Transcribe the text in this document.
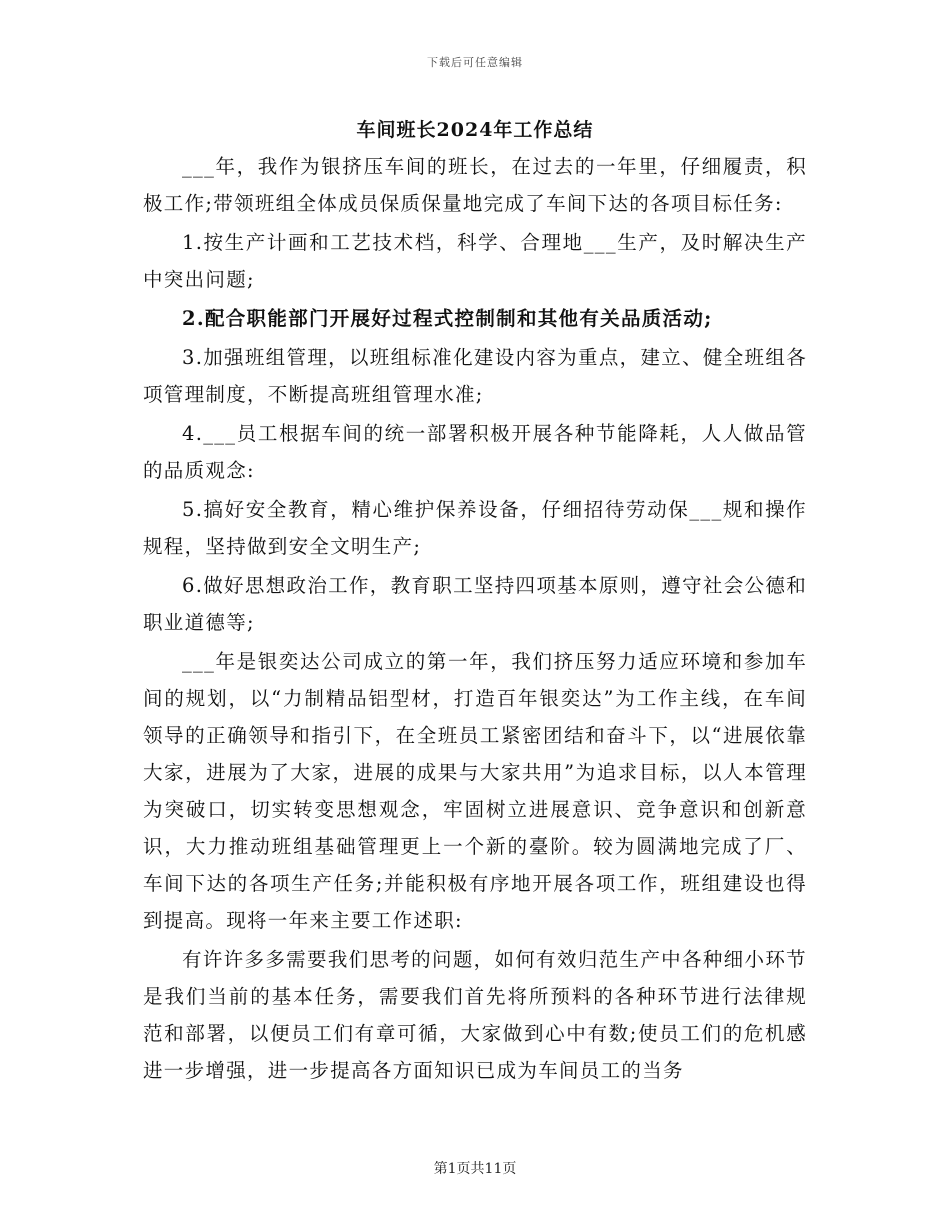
下载后可任意编辑
车间班长2024年工作总结

___年，我作为银挤压车间的班长，在过去的一年里，仔细履责，积极工作;带领班组全体成员保质保量地完成了车间下达的各项目标任务:

1.按生产计画和工艺技术档，科学、合理地___生产，及时解决生产中突出问题;

2.配合职能部门开展好过程式控制制和其他有关品质活动;

3.加强班组管理，以班组标准化建设内容为重点，建立、健全班组各项管理制度，不断提高班组管理水准;

4.___员工根据车间的统一部署积极开展各种节能降耗，人人做品管的品质观念:

5.搞好安全教育，精心维护保养设备，仔细招待劳动保___规和操作规程，坚持做到安全文明生产;

6.做好思想政治工作，教育职工坚持四项基本原则，遵守社会公德和职业道德等;

___年是银奕达公司成立的第一年，我们挤压努力适应环境和参加车间的规划，以“力制精品铝型材，打造百年银奕达”为工作主线，在车间领导的正确领导和指引下，在全班员工紧密团结和奋斗下，以“进展依靠大家，进展为了大家，进展的成果与大家共用”为追求目标，以人本管理为突破口，切实转变思想观念，牢固树立进展意识、竞争意识和创新意识，大力推动班组基础管理更上一个新的臺阶。较为圆满地完成了厂、车间下达的各项生产任务;并能积极有序地开展各项工作，班组建设也得到提高。现将一年来主要工作述职:

有许许多多需要我们思考的问题，如何有效归范生产中各种细小环节是我们当前的基本任务，需要我们首先将所预料的各种环节进行法律规范和部署，以便员工们有章可循，大家做到心中有数;使员工们的危机感进一步增强，进一步提高各方面知识已成为车间员工的当务

第1页共11页
